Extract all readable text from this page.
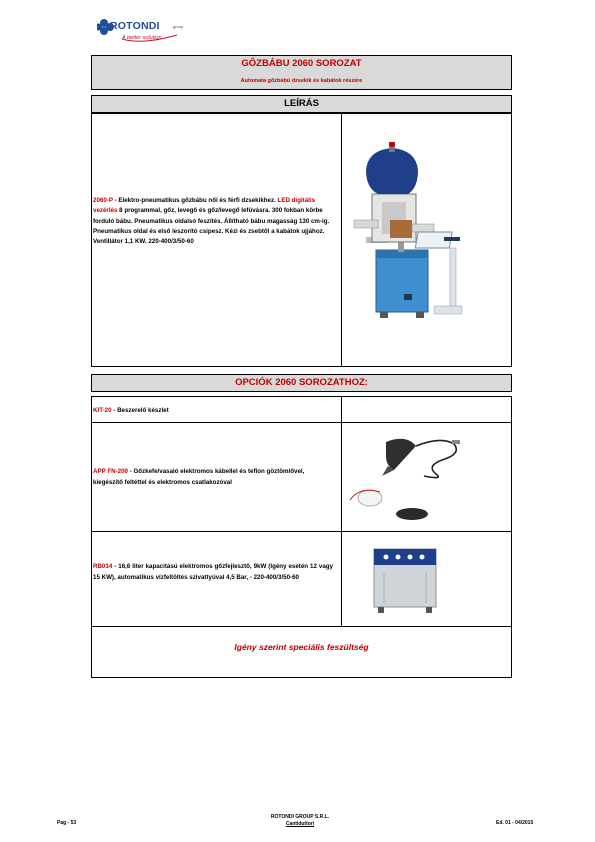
ROTONDI	group
A better solution
GŐZBÁBU 2060 SOROZAT
Automata gőzbábú dzsekik és kabátok részére
LEÍRÁS
2060-P - Elektro-pneumatikus gőzbábu női és férfi dzsekikhez. LED digitális vezérlés 8 programmal, gőz, levegő és gőz/levegő lefúvásra. 300 fokban körbe forduló bábu. Pneumatikus oldalsó feszítés. Állítható bábu magasság 130 cm-ig. Pneumatikus oldal és első leszorító csipesz. Kézi és zsebtől a kabátok ujjához. Ventillátor 1,1 KW. 220-400/3/50-60
OPCIÓK 2060 SOROZATHOZ:
KIT-20 - Beszerelő készlet
APP FN-200 - Gőzkefe/vasaló elektromos kábellel és teflon göztömlővel, kiegészítő feltéttel és elektromos csatlakozóval
RB014 - 16,6 liter kapacitású elektromos gőzfejlesztő, 9kW (Igény esetén 12 vagy 15 KW), automatikus vízfeltöltés szivattyúval 4,5 Bar, - 220-400/3/50-60
Igény szerint speciális feszültség
Pag - 53
ROTONDI GROUP S.R.L.
Cantiduttori	Ed. 01 - 04/2015
